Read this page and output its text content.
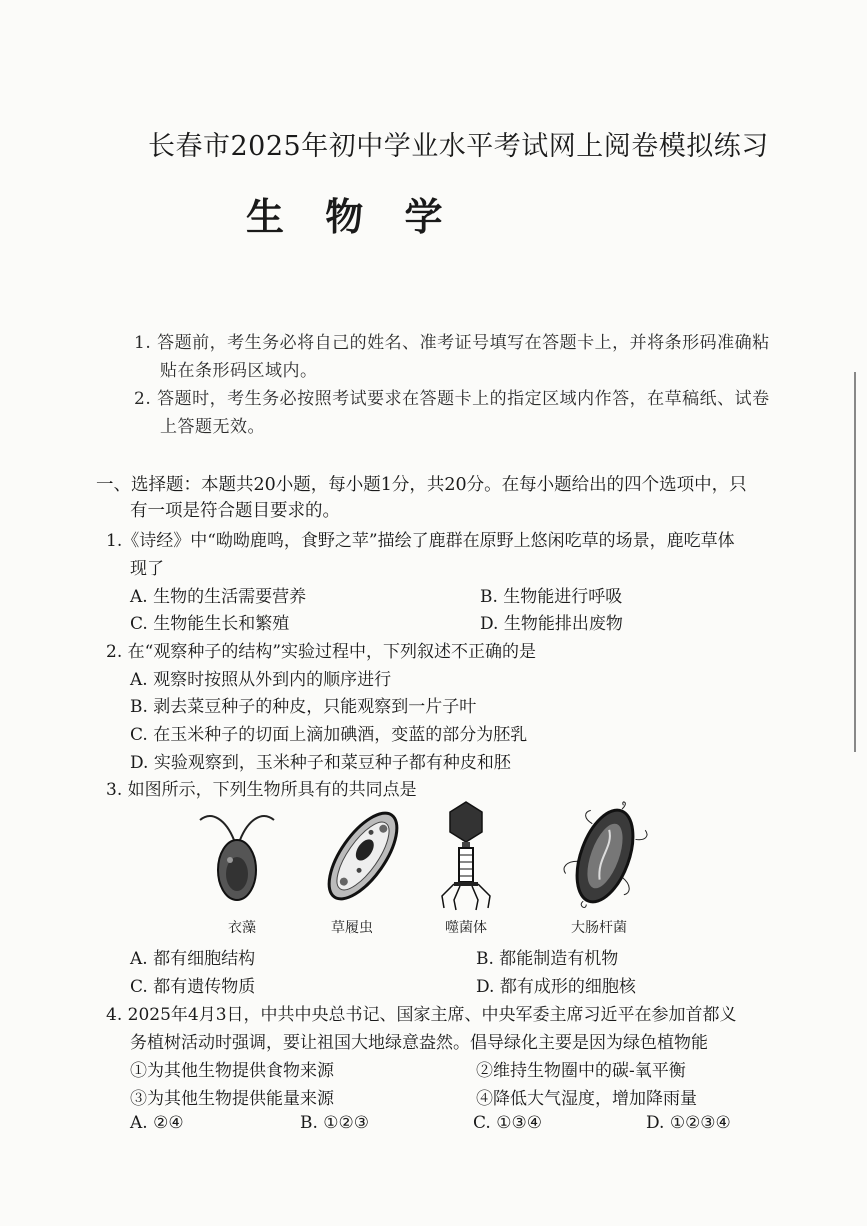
长春市2025年初中学业水平考试网上阅卷模拟练习
生 物 学
1. 答题前，考生务必将自己的姓名、准考证号填写在答题卡上，并将条形码准确粘
贴在条形码区域内。
2. 答题时，考生务必按照考试要求在答题卡上的指定区域内作答，在草稿纸、试卷
上答题无效。
一、选择题：本题共20小题，每小题1分，共20分。在每小题给出的四个选项中，只
有一项是符合题目要求的。
1.《诗经》中“呦呦鹿鸣，食野之苹”描绘了鹿群在原野上悠闲吃草的场景，鹿吃草体
现了
A. 生物的生活需要营养	B. 生物能进行呼吸
C. 生物能生长和繁殖	D. 生物能排出废物
2. 在“观察种子的结构”实验过程中，下列叙述不正确的是
A. 观察时按照从外到内的顺序进行
B. 剥去菜豆种子的种皮，只能观察到一片子叶
C. 在玉米种子的切面上滴加碘酒，变蓝的部分为胚乳
D. 实验观察到，玉米种子和菜豆种子都有种皮和胚
3. 如图所示，下列生物所具有的共同点是
衣藻	草履虫	噬菌体	大肠杆菌
A. 都有细胞结构	B. 都能制造有机物
C. 都有遗传物质	D. 都有成形的细胞核
4. 2025年4月3日，中共中央总书记、国家主席、中央军委主席习近平在参加首都义
务植树活动时强调，要让祖国大地绿意盎然。倡导绿化主要是因为绿色植物能
①为其他生物提供食物来源	②维持生物圈中的碳-氧平衡
③为其他生物提供能量来源	④降低大气湿度，增加降雨量
A. ②④	B. ①②③	C. ①③④	D. ①②③④
